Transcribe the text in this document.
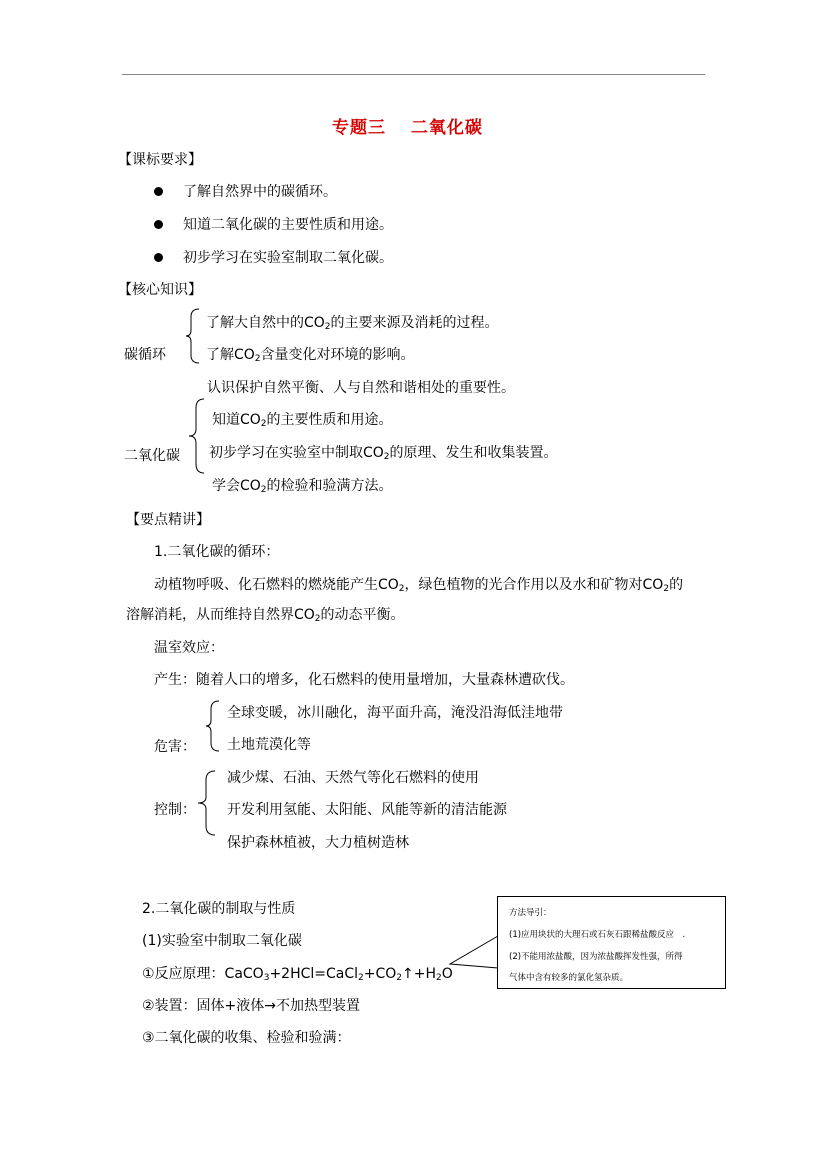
专题三　 二氧化碳
【课标要求】
了解自然界中的碳循环。
知道二氧化碳的主要性质和用途。
初步学习在实验室制取二氧化碳。
【核心知识】
碳循环
了解大自然中的$CO_2$的主要来源及消耗的过程。
了解$CO_2$含量变化对环境的影响。
二氧化碳
认识保护自然平衡、人与自然和谐相处的重要性。
知道$CO_2$的主要性质和用途。
初步学习在实验室中制取$CO_2$的原理、发生和收集装置。
学会$CO_2$的检验和验满方法。
【要点精讲】
1.二氧化碳的循环：
动植物呼吸、化石燃料的燃烧能产生$CO_2$，绿色植物的光合作用以及水和矿物对$CO_2$的
溶解消耗，从而维持自然界$CO_2$的动态平衡。
温室效应：
产生：随着人口的增多，化石燃料的使用量增加，大量森林遭砍伐。
危害：
全球变暖，冰川融化，海平面升高，淹没沿海低洼地带
土地荒漠化等
控制：
减少煤、石油、天然气等化石燃料的使用
开发利用氢能、太阳能、风能等新的清洁能源
保护森林植被，大力植树造林
2.二氧化碳的制取与性质
(1)实验室中制取二氧化碳
①反应原理：$CaCO_3+2HCl=CaCl_2+CO_2↑+H_2O$
②装置：固体+液体→不加热型装置
③二氧化碳的收集、检验和验满：
方法导引：
(1)应用块状的大理石或石灰石跟稀盐酸反应　.
(2)不能用浓盐酸，因为浓盐酸挥发性强，所得
气体中含有较多的氯化氢杂质。
